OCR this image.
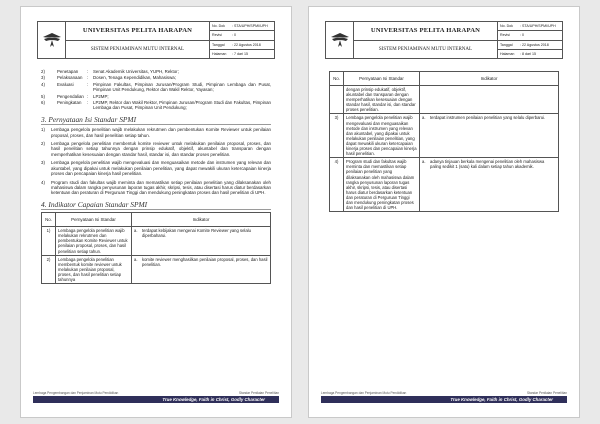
UNIVERSITAS PELITA HARAPAN
SISTEM PENJAMINAN MUTU INTERNAL
No. Dok	: STA/UPH/SPMI/UPH
Revisi	: 0
Tanggal	: 22 Agustus 2018
Halaman	: 7 dari 15
2)	Penetapan	:	Senat Akademik Universitas, YUPH, Rektor;
3)	Pelaksanaan	:	Dosen, Tenaga Kependidikan, Mahasiswa;
4)	Evaluasi	:	Pimpinan Fakultas, Pimpinan Jurusan/Program Studi, Pimpinan Lembaga dan Pusat, Pimpinan Unit Pendukung, Rektor dan Wakil Rektor, Yayasan;
5)	Pengendalian :	LP2MP;
6)	Peningkatan	:	LP2MP, Rektor dan Wakil Rektor, Pimpinan Jurusan/Program Studi dan Fakultas, Pimpinan Lembaga dan Pusat, Pimpinan Unit Pendukung;
3. Pernyataan Isi Standar SPMI
1)	Lembaga pengelola penelitian wajib melakukan rekrutmen dan pembentukan Komite Reviewer untuk penilaian proposal, proses, dan hasil penelitian setiap tahun.
2)	Lembaga pengelola penelitian membentuk komite reviewer untuk melakukan penilaian proposal, proses, dan hasil penelitian setiap tahunnya dengan prinsip edukatif, objektif, akuntabel dan transparan dengan memperhatikan kesesuaian dengan standar hasil, standar isi, dan standar proses penelitian.
3)	Lembaga pengelola penelitian wajib mengevaluasi dan menguasaikan metode dan instrumen yang relevan dan akuntabel, yang dipakai untuk melakukan penilaian penelitian, yang dapat mewakili ukuran ketercapaian kinerja proses dan pencapaian kinerja hasil penelitian.
4)	Program studi dan fakultas wajib meminta dan memastikan setiap penilaian penelitian yang dilaksanakan oleh mahasiswa dalam rangka penyusunan laporan tugas akhir, skripsi, tesis, atau disertasi harus diatur berdasarkan ketentuan dan peraturan di Perguruan Tinggi dan mendukung peningkatan proses dan hasil penelitian di UPH.
4. Indikator Capaian Standar SPMI
No.	Pernyataan Isi Standar	Indikator
1)	Lembaga pengelola penelitian wajib melakukan rekrutmen dan pembentukan Komite Reviewer untuk penilaian proposal, proses, dan hasil penelitian setiap tahun.	a. terdapat kebijakan mengenai Komite Reviewer yang selalu diperbaharui.

2)	Lembaga pengelola penelitian membentuk komite reviewer untuk melakukan penilaian proposal, proses, dan hasil penelitian setiap tahunnya	a. komite reviewer menghasilkan penilaian proposal, proses, dan hasil penelitian.
Lembaga Pengembangan dan Penjaminan Mutu Pendidikan	Standar Penilaian Penelitian
True Knowledge, Faith in Christ, Godly Character
UNIVERSITAS PELITA HARAPAN
SISTEM PENJAMINAN MUTU INTERNAL
No. Dok	: STA/UPH/SPMI/UPH
Revisi	: 0
Tanggal	: 22 Agustus 2018
Halaman	: 8 dari 15
No.	Pernyataan Isi Standar	Indikator
	dengan prinsip edukatif, objektif, akuntabel dan transparan dengan memperhatikan kesesuaian dengan standar hasil, standar isi, dan standar proses penelitian.	
3)	Lembaga pengelola penelitian wajib mengevaluasi dan menguasaikan metode dan instrumen yang relevan dan akuntabel, yang dipakai untuk melakukan penilaian penelitian, yang dapat mewakili ukuran ketercapaian kinerja proses dan pencapaian kinerja hasil penelitian.	a. terdapat instrumen penilaian penelitian yang selalu diperbarui.

4)	Program studi dan fakultas wajib meminta dan memastikan setiap penilaian penelitian yang dilaksanakan oleh mahasiswa dalam rangka penyusunan laporan tugas akhir, skripsi, tesis, atau disertasi harus diatur berdasarkan ketentuan dan peraturan di Perguruan Tinggi dan mendukung peningkatan proses dan hasil penelitian di UPH.	a. adanya tinjauan berkala mengenai penelitian oleh mahasiswa paling sedikit 1 (satu) kali dalam setiap tahun akademik.
Lembaga Pengembangan dan Penjaminan Mutu Pendidikan	Standar Penilaian Penelitian
True Knowledge, Faith in Christ, Godly Character
